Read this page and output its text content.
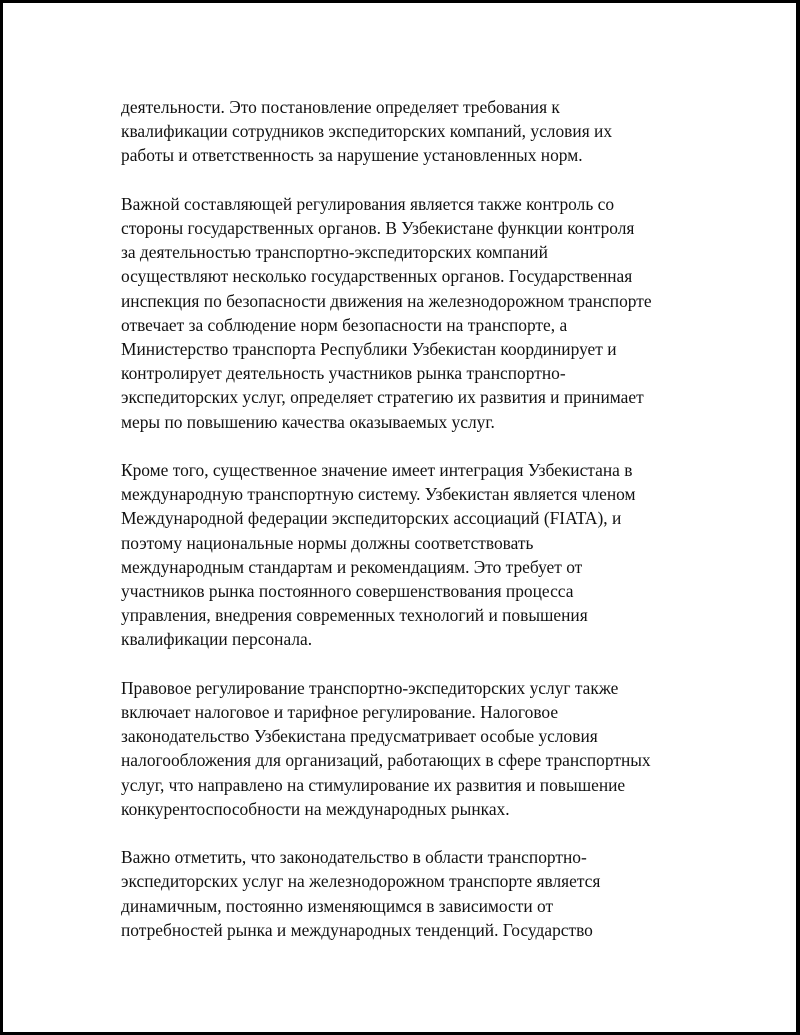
деятельности. Это постановление определяет требования к
квалификации сотрудников экспедиторских компаний, условия их
работы и ответственность за нарушение установленных норм.

Важной составляющей регулирования является также контроль со
стороны государственных органов. В Узбекистане функции контроля
за деятельностью транспортно-экспедиторских компаний
осуществляют несколько государственных органов. Государственная
инспекция по безопасности движения на железнодорожном транспорте
отвечает за соблюдение норм безопасности на транспорте, а
Министерство транспорта Республики Узбекистан координирует и
контролирует деятельность участников рынка транспортно-
экспедиторских услуг, определяет стратегию их развития и принимает
меры по повышению качества оказываемых услуг.

Кроме того, существенное значение имеет интеграция Узбекистана в
международную транспортную систему. Узбекистан является членом
Международной федерации экспедиторских ассоциаций (FIATA), и
поэтому национальные нормы должны соответствовать
международным стандартам и рекомендациям. Это требует от
участников рынка постоянного совершенствования процесса
управления, внедрения современных технологий и повышения
квалификации персонала.

Правовое регулирование транспортно-экспедиторских услуг также
включает налоговое и тарифное регулирование. Налоговое
законодательство Узбекистана предусматривает особые условия
налогообложения для организаций, работающих в сфере транспортных
услуг, что направлено на стимулирование их развития и повышение
конкурентоспособности на международных рынках.

Важно отметить, что законодательство в области транспортно-
экспедиторских услуг на железнодорожном транспорте является
динамичным, постоянно изменяющимся в зависимости от
потребностей рынка и международных тенденций. Государство
